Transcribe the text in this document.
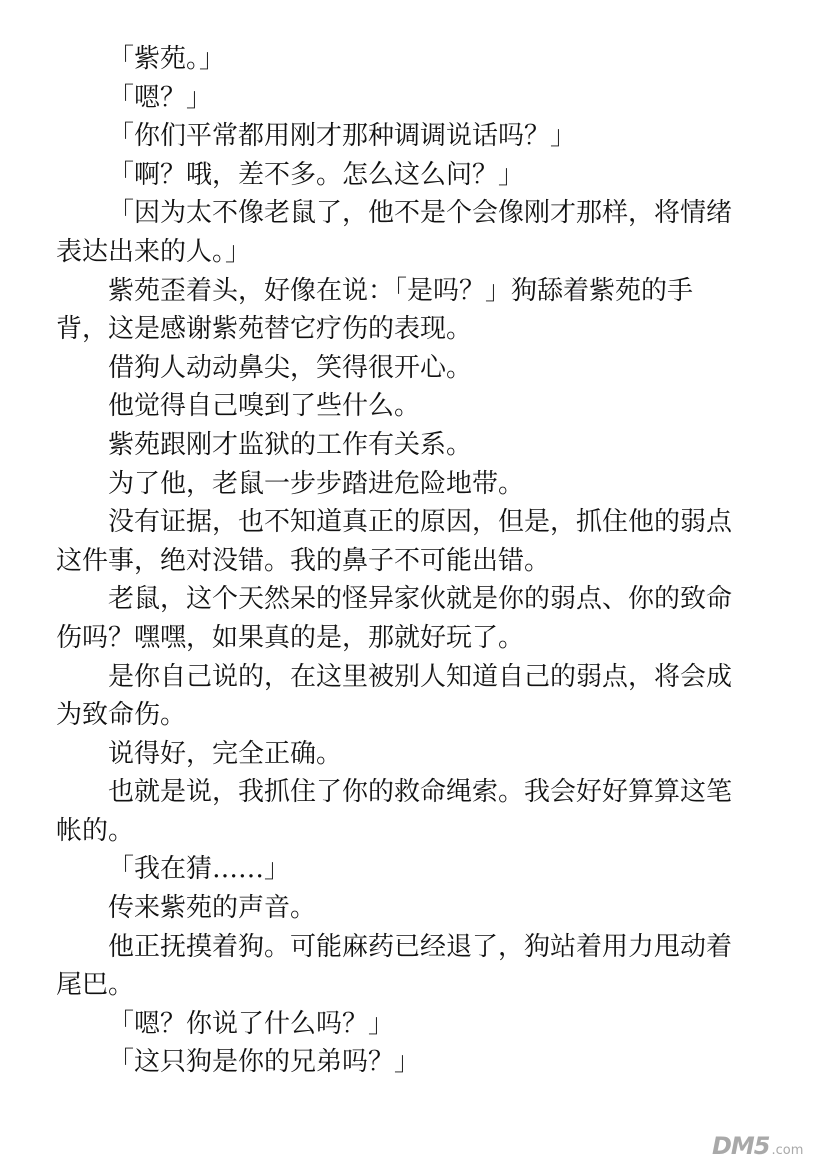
「紫苑。」

「嗯？」

「你们平常都用刚才那种调调说话吗？」

「啊？哦，差不多。怎么这么问？」

「因为太不像老鼠了，他不是个会像刚才那样，将情绪
表达出来的人。」

紫苑歪着头，好像在说：「是吗？」狗舔着紫苑的手
背，这是感谢紫苑替它疗伤的表现。

借狗人动动鼻尖，笑得很开心。

他觉得自己嗅到了些什么。

紫苑跟刚才监狱的工作有关系。

为了他，老鼠一步步踏进危险地带。

没有证据，也不知道真正的原因，但是，抓住他的弱点
这件事，绝对没错。我的鼻子不可能出错。

老鼠，这个天然呆的怪异家伙就是你的弱点、你的致命
伤吗？嘿嘿，如果真的是，那就好玩了。

是你自己说的，在这里被别人知道自己的弱点，将会成
为致命伤。

说得好，完全正确。

也就是说，我抓住了你的救命绳索。我会好好算算这笔
帐的。

「我在猜……」

传来紫苑的声音。

他正抚摸着狗。可能麻药已经退了，狗站着用力甩动着
尾巴。

「嗯？你说了什么吗？」

「这只狗是你的兄弟吗？」

DM5 .com
